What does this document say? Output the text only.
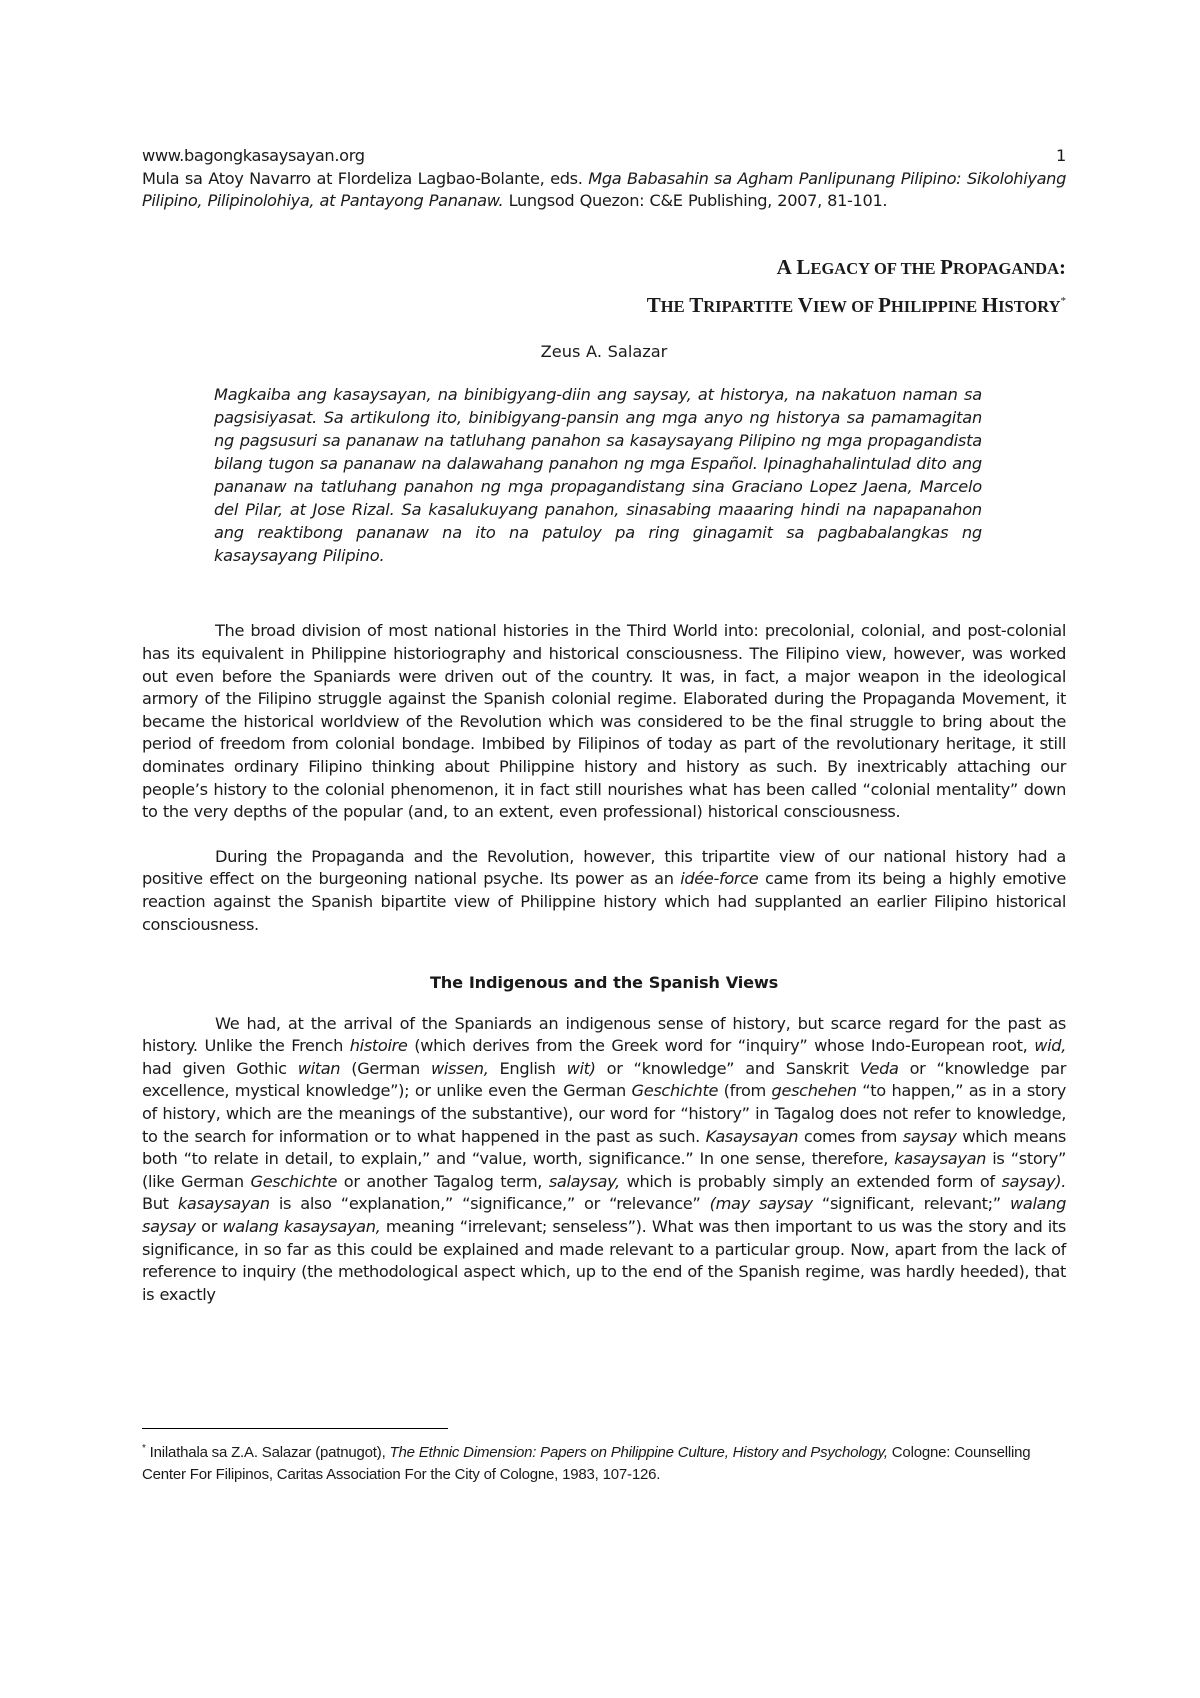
www.bagongkasaysayan.org	1

Mula sa Atoy Navarro at Flordeliza Lagbao-Bolante, eds. Mga Babasahin sa Agham Panlipunang Pilipino: Sikolohiyang Pilipino, Pilipinolohiya, at Pantayong Pananaw. Lungsod Quezon: C&E Publishing, 2007, 81-101.

A LEGACY OF THE PROPAGANDA:
THE TRIPARTITE VIEW OF PHILIPPINE HISTORY*
Zeus A. Salazar
Magkaiba ang kasaysayan, na binibigyang-diin ang saysay, at historya, na nakatuon naman sa pagsisiyasat. Sa artikulong ito, binibigyang-pansin ang mga anyo ng historya sa pamamagitan ng pagsusuri sa pananaw na tatluhang panahon sa kasaysayang Pilipino ng mga propagandista bilang tugon sa pananaw na dalawahang panahon ng mga Español. Ipinaghahalintulad dito ang pananaw na tatluhang panahon ng mga propagandistang sina Graciano Lopez Jaena, Marcelo del Pilar, at Jose Rizal. Sa kasalukuyang panahon, sinasabing maaaring hindi na napapanahon ang reaktibong pananaw na ito na patuloy pa ring ginagamit sa pagbabalangkas ng kasaysayang Pilipino.

The broad division of most national histories in the Third World into: precolonial, colonial, and post-colonial has its equivalent in Philippine historiography and historical consciousness. The Filipino view, however, was worked out even before the Spaniards were driven out of the country. It was, in fact, a major weapon in the ideological armory of the Filipino struggle against the Spanish colonial regime. Elaborated during the Propaganda Movement, it became the historical worldview of the Revolution which was considered to be the final struggle to bring about the period of freedom from colonial bondage. Imbibed by Filipinos of today as part of the revolutionary heritage, it still dominates ordinary Filipino thinking about Philippine history and history as such. By inextricably attaching our people’s history to the colonial phenomenon, it in fact still nourishes what has been called “colonial mentality” down to the very depths of the popular (and, to an extent, even professional) historical consciousness.

During the Propaganda and the Revolution, however, this tripartite view of our national history had a positive effect on the burgeoning national psyche. Its power as an idée-force came from its being a highly emotive reaction against the Spanish bipartite view of Philippine history which had supplanted an earlier Filipino historical consciousness.

The Indigenous and the Spanish Views

We had, at the arrival of the Spaniards an indigenous sense of history, but scarce regard for the past as history. Unlike the French histoire (which derives from the Greek word for “inquiry” whose Indo-European root, wid, had given Gothic witan (German wissen, English wit) or “knowledge” and Sanskrit Veda or “knowledge par excellence, mystical knowledge”); or unlike even the German Geschichte (from geschehen “to happen,” as in a story of history, which are the meanings of the substantive), our word for “history” in Tagalog does not refer to knowledge, to the search for information or to what happened in the past as such. Kasaysayan comes from saysay which means both “to relate in detail, to explain,” and “value, worth, significance.” In one sense, therefore, kasaysayan is “story” (like German Geschichte or another Tagalog term, salaysay, which is probably simply an extended form of saysay). But kasaysayan is also “explanation,” “significance,” or “relevance” (may saysay “significant, relevant;” walang saysay or walang kasaysayan, meaning “irrelevant; senseless”). What was then important to us was the story and its significance, in so far as this could be explained and made relevant to a particular group. Now, apart from the lack of reference to inquiry (the methodological aspect which, up to the end of the Spanish regime, was hardly heeded), that is exactly

* Inilathala sa Z.A. Salazar (patnugot), The Ethnic Dimension: Papers on Philippine Culture, History and Psychology, Cologne: Counselling Center For Filipinos, Caritas Association For the City of Cologne, 1983, 107-126.
